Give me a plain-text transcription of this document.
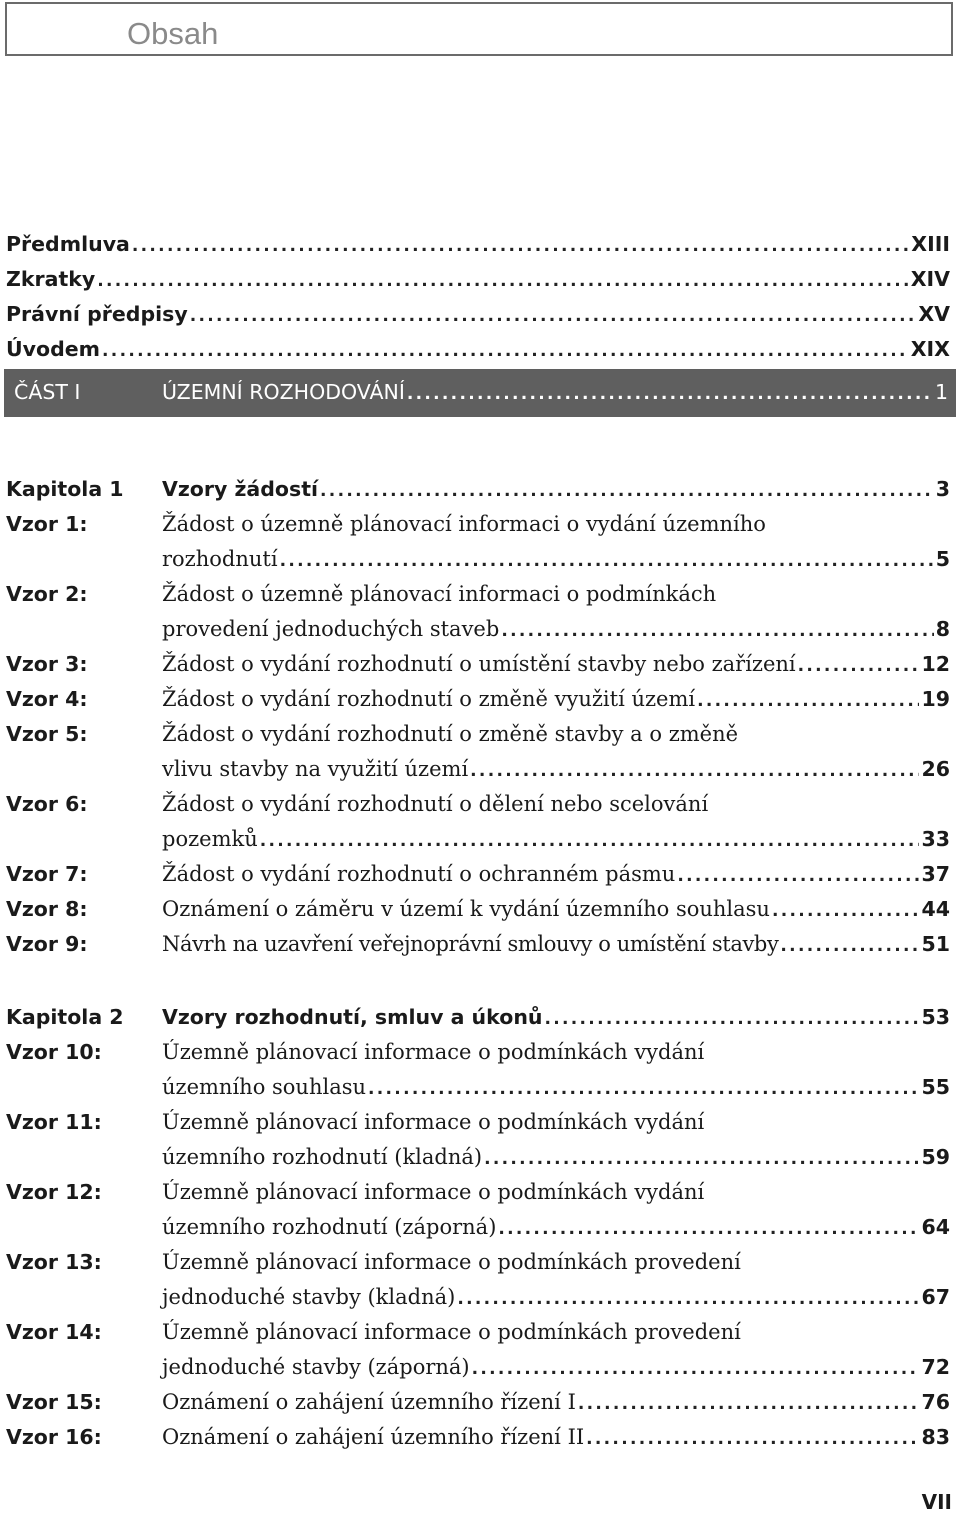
Obsah
Předmluva .....	XIII
Zkratky .....	XIV
Právní předpisy .....	XV
Úvodem .....	XIX
ČÁST I	ÚZEMNÍ ROZHODOVÁNÍ .....	1
Kapitola 1	Vzory žádostí .....	3
Vzor 1:	Žádost o územně plánovací informaci o vydání územního
rozhodnutí .....	5
Vzor 2:	Žádost o územně plánovací informaci o podmínkách
provedení jednoduchých staveb .....	8
Vzor 3:	Žádost o vydání rozhodnutí o umístění stavby nebo zařízení .....	12
Vzor 4:	Žádost o vydání rozhodnutí o změně využití území .....	19
Vzor 5:	Žádost o vydání rozhodnutí o změně stavby a o změně
vlivu stavby na využití území .....	26
Vzor 6:	Žádost o vydání rozhodnutí o dělení nebo scelování
pozemků .....	33
Vzor 7:	Žádost o vydání rozhodnutí o ochranném pásmu .....	37
Vzor 8:	Oznámení o záměru v území k vydání územního souhlasu .....	44
Vzor 9:	Návrh na uzavření veřejnoprávní smlouvy o umístění stavby .....	51
Kapitola 2	Vzory rozhodnutí, smluv a úkonů .....	53
Vzor 10:	Územně plánovací informace o podmínkách vydání
územního souhlasu .....	55
Vzor 11:	Územně plánovací informace o podmínkách vydání
územního rozhodnutí (kladná) .....	59
Vzor 12:	Územně plánovací informace o podmínkách vydání
územního rozhodnutí (záporná) .....	64
Vzor 13:	Územně plánovací informace o podmínkách provedení
jednoduché stavby (kladná) .....	67
Vzor 14:	Územně plánovací informace o podmínkách provedení
jednoduché stavby (záporná) .....	72
Vzor 15:	Oznámení o zahájení územního řízení I .....	76
Vzor 16:	Oznámení o zahájení územního řízení II .....	83
VII
